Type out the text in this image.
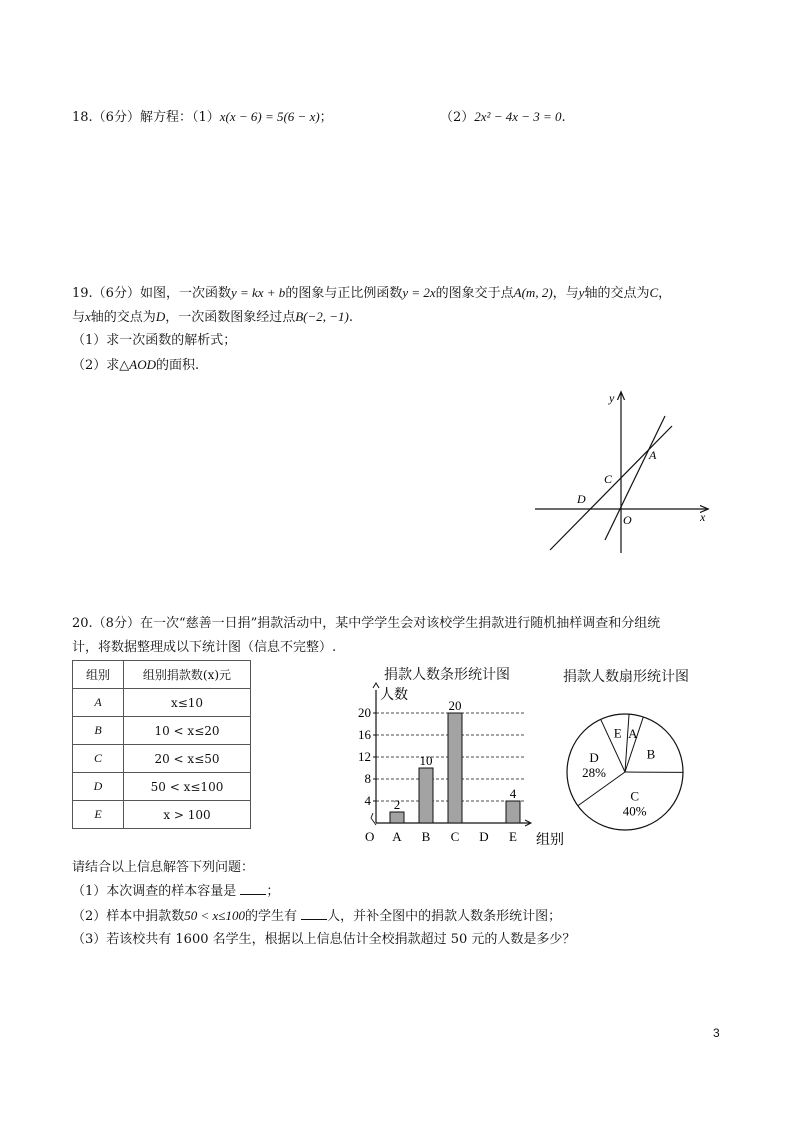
18.（6分）解方程：（1）x(x − 6) = 5(6 − x)；	（2）2x² − 4x − 3 = 0.
19.（6分）如图，一次函数y = kx + b的图象与正比例函数y = 2x的图象交于点A(m, 2)，与y轴的交点为C，
与x轴的交点为D，一次函数图象经过点B(−2, −1).
（1）求一次函数的解析式；
（2）求△AOD的面积.
y
x
A
C
D
O
20.（8分）在一次“慈善一日捐”捐款活动中，某中学学生会对该校学生捐款进行随机抽样调查和分组统
计，将数据整理成以下统计图（信息不完整）.
组别	组别捐款数(x)元
A	x≤10
B	10 < x≤20
C	20 < x≤50
D	50 < x≤100
E	x > 100
捐款人数条形统计图
4
8
12
16
20
人数
组别
O A
2
B
10
C
20
D E
4
捐款人数扇形统计图
A
B
C
40%
D
28%
E
请结合以上信息解答下列问题：
（1）本次调查的样本容量是 ；
（2）样本中捐款数50 < x≤100的学生有 人，并补全图中的捐款人数条形统计图；
（3）若该校共有 1600 名学生，根据以上信息估计全校捐款超过 50 元的人数是多少？
3
